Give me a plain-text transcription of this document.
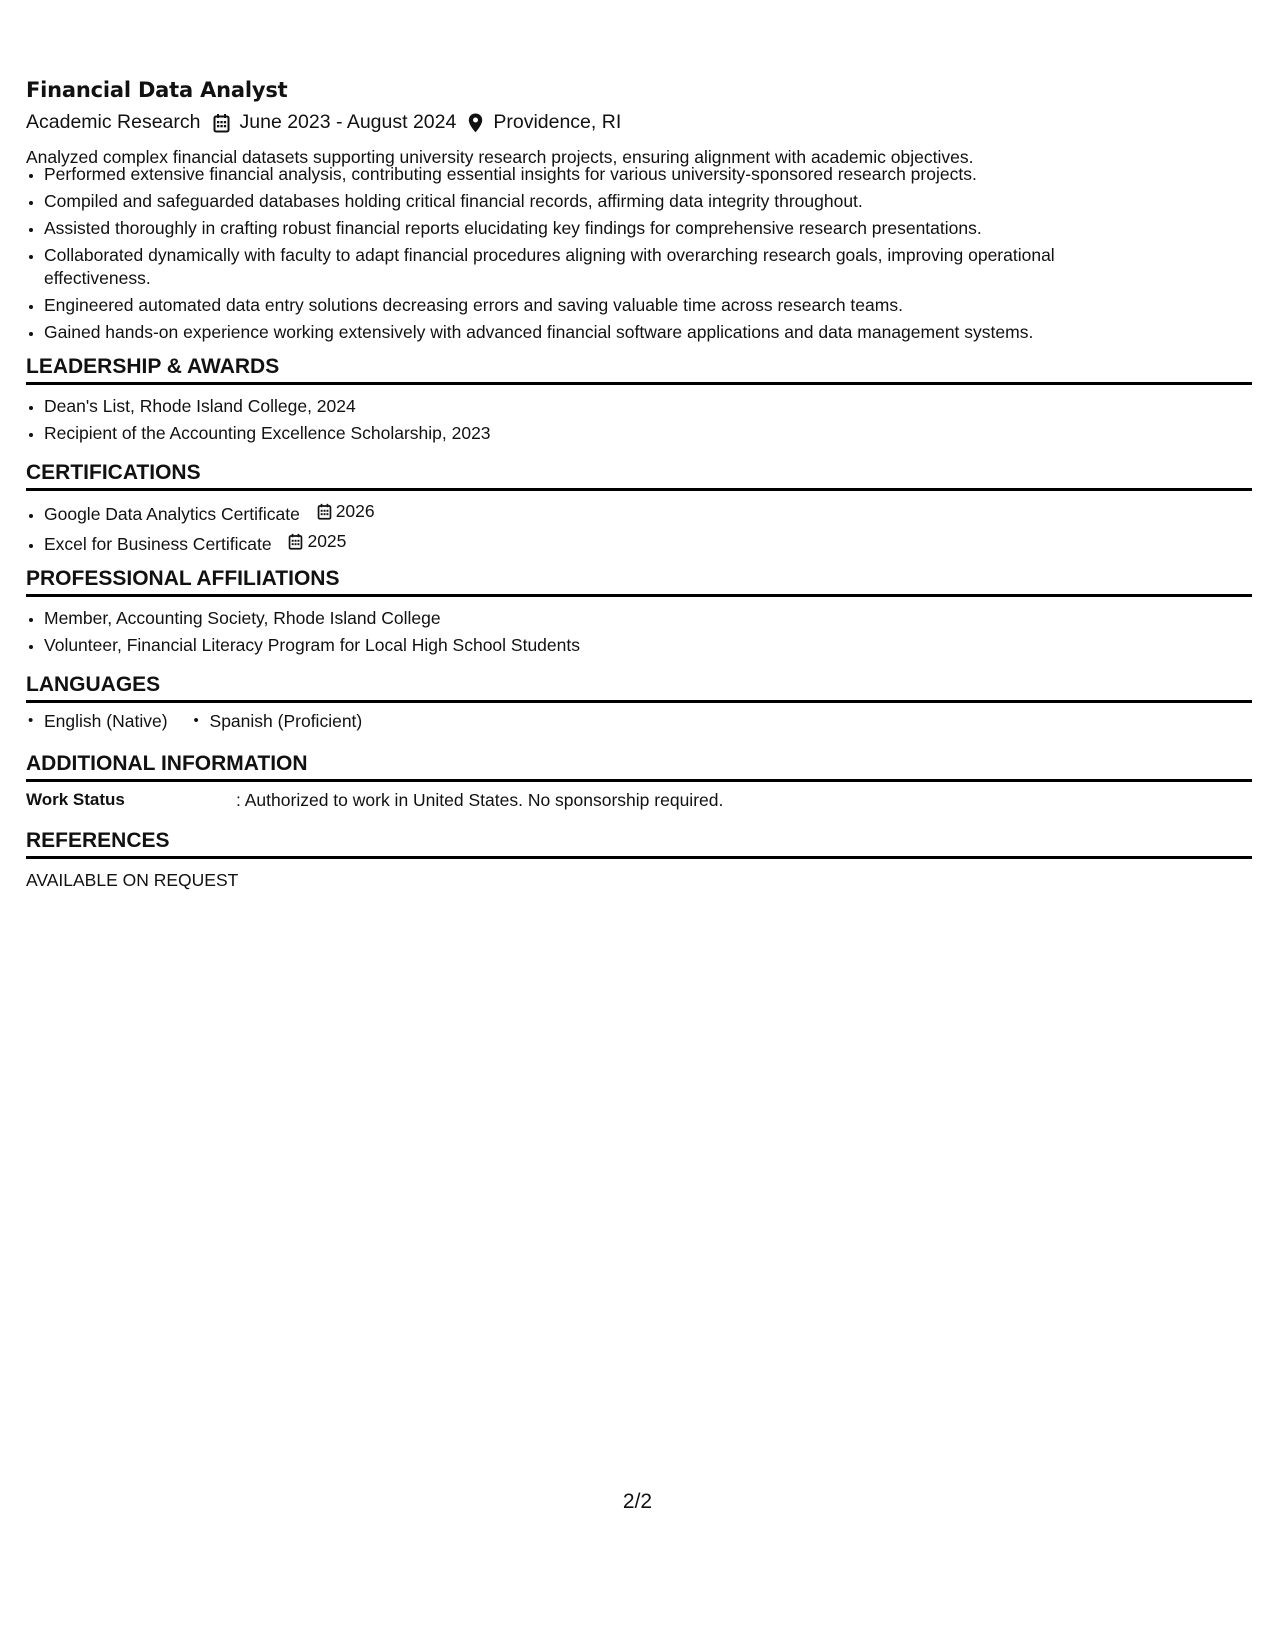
Financial Data Analyst
Academic Research June 2023 - August 2024 Providence, RI
Analyzed complex financial datasets supporting university research projects, ensuring alignment with academic objectives.
• Performed extensive financial analysis, contributing essential insights for various university-sponsored research projects.
• Compiled and safeguarded databases holding critical financial records, affirming data integrity throughout.
• Assisted thoroughly in crafting robust financial reports elucidating key findings for comprehensive research presentations.
• Collaborated dynamically with faculty to adapt financial procedures aligning with overarching research goals, improving operational effectiveness.
• Engineered automated data entry solutions decreasing errors and saving valuable time across research teams.
• Gained hands-on experience working extensively with advanced financial software applications and data management systems.
LEADERSHIP & AWARDS
• Dean's List, Rhode Island College, 2024
• Recipient of the Accounting Excellence Scholarship, 2023
CERTIFICATIONS
• Google Data Analytics Certificate 2026
• Excel for Business Certificate 2025
PROFESSIONAL AFFILIATIONS
• Member, Accounting Society, Rhode Island College
• Volunteer, Financial Literacy Program for Local High School Students
LANGUAGES
• English (Native)
•	Spanish (Proficient)
ADDITIONAL INFORMATION
Work Status	: Authorized to work in United States. No sponsorship required.
REFERENCES
AVAILABLE ON REQUEST
2/2
